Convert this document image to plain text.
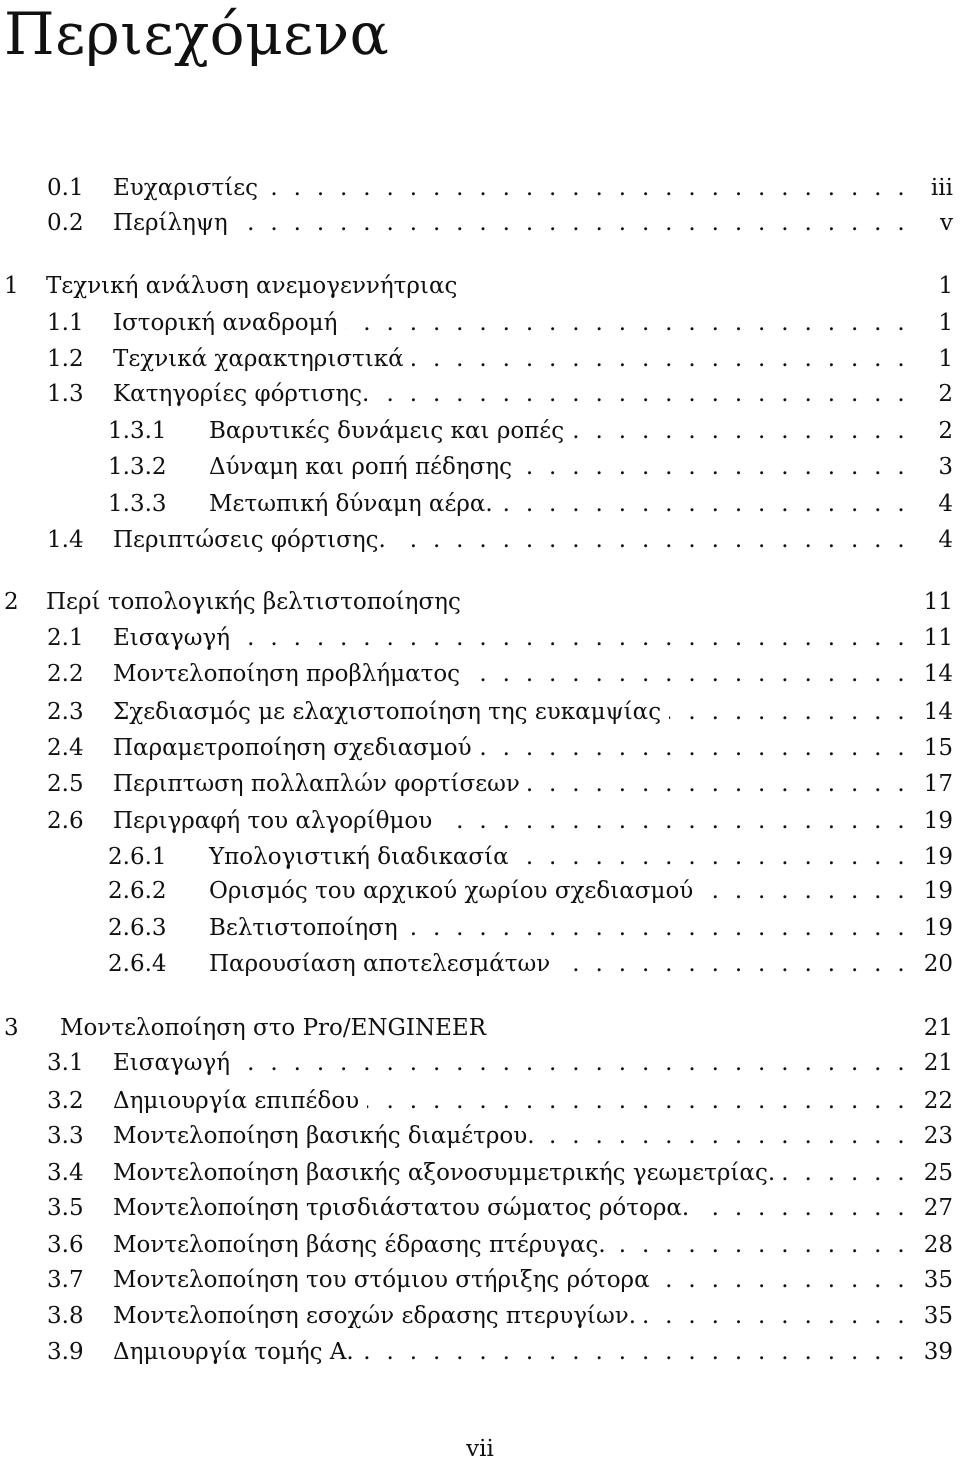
Περιεχόμενα
0.1 Ευχαριστίες . . .	iii
0.2 Περίληψη . . .	v
1 Τεχνική ανάλυση ανεμογεννήτριας	1
1.1 Ιστορική αναδρομή . . .	1
1.2 Τεχνικά χαρακτηριστικά . . .	1
1.3 Κατηγορίες φόρτισης. . . .	2
1.3.1 Βαρυτικές δυνάμεις και ροπές . . .	2
1.3.2 Δύναμη και ροπή πέδησης . . .	3
1.3.3 Μετωπική δύναμη αέρα. . . .	4
1.4 Περιπτώσεις φόρτισης. . . .	4
2 Περί τοπολογικής βελτιστοποίησης	11
2.1 Εισαγωγή . . .	11
2.2 Μοντελοποίηση προβλήματος . . .	14
2.3 Σχεδιασμός με ελαχιστοποίηση της ευκαμψίας . . .	14
2.4 Παραμετροποίηση σχεδιασμού . . .	15
2.5 Περιπτωση πολλαπλών φορτίσεων . . .	17
2.6 Περιγραφή του αλγορίθμου . . .	19
2.6.1 Υπολογιστική διαδικασία . . .	19
2.6.2 Ορισμός του αρχικού χωρίου σχεδιασμού . . .	19
2.6.3 Βελτιστοποίηση . . .	19
2.6.4 Παρουσίαση αποτελεσμάτων . . .	20
3 Μοντελοποίηση στο Pro/ENGINEER	21
3.1 Εισαγωγή . . .	21
3.2 Δημιουργία επιπέδου . . .	22
3.3 Μοντελοποίηση βασικής διαμέτρου. . . .	23
3.4 Μοντελοποίηση βασικής αξονοσυμμετρικής γεωμετρίας. . . .	25
3.5 Μοντελοποίηση τρισδιάστατου σώματος ρότορα. . . .	27
3.6 Μοντελοποίηση βάσης έδρασης πτέρυγας. . . .	28
3.7 Μοντελοποίηση του στόμιου στήριξης ρότορα . . .	35
3.8 Μοντελοποίηση εσοχών εδρασης πτερυγίων. . . .	35
3.9 Δημιουργία τομής Α. . . .	39
vii
